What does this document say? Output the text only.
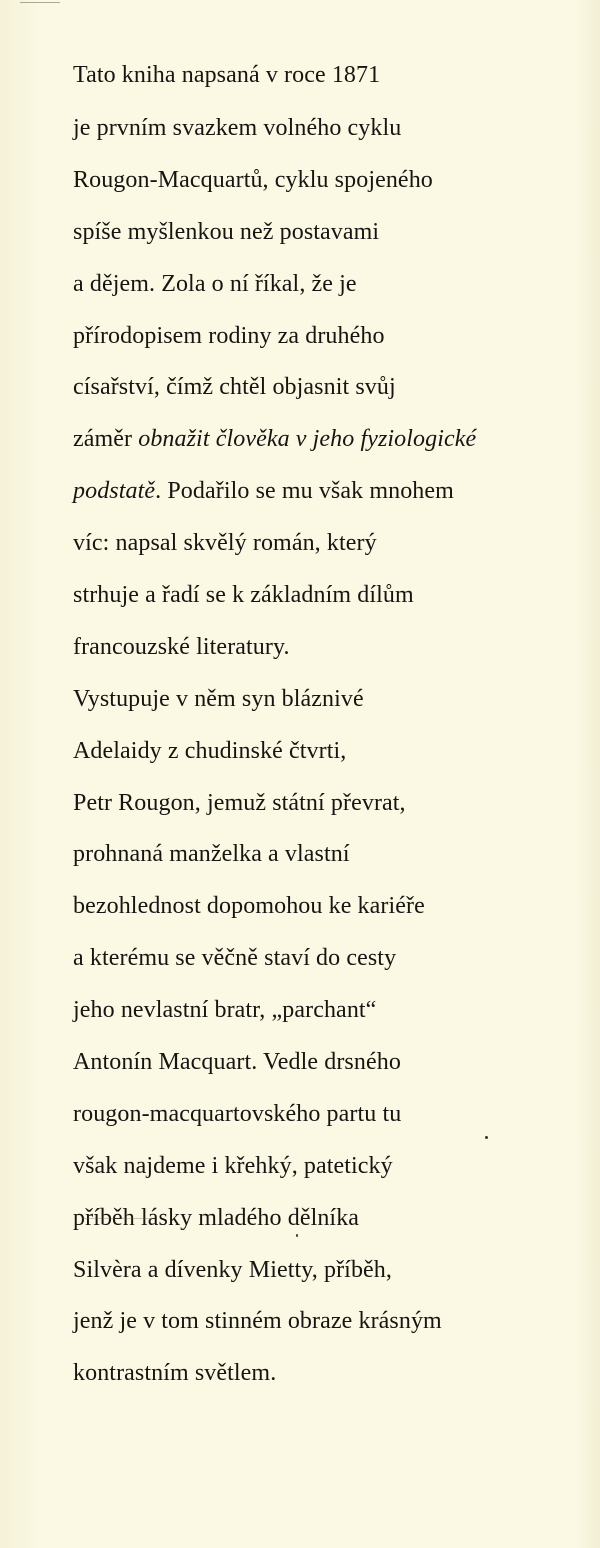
Tato kniha napsaná v roce 1871
je prvním svazkem volného cyklu
Rougon-Macquartů, cyklu spojeného
spíše myšlenkou než postavami
a dějem. Zola o ní říkal, že je
přírodopisem rodiny za druhého
císařství, čímž chtěl objasnit svůj
záměr obnažit člověka v jeho fyziologické
podstatě. Podařilo se mu však mnohem
víc: napsal skvělý román, který
strhuje a řadí se k základním dílům
francouzské literatury.
Vystupuje v něm syn bláznivé
Adelaidy z chudinské čtvrti,
Petr Rougon, jemuž státní převrat,
prohnaná manželka a vlastní
bezohlednost dopomohou ke kariéře
a kterému se věčně staví do cesty
jeho nevlastní bratr, „parchant“
Antonín Macquart. Vedle drsného
rougon-macquartovského partu tu
však najdeme i křehký, patetický
příběh lásky mladého dělníka
Silvèra a dívenky Mietty, příběh,
jenž je v tom stinném obraze krásným
kontrastním světlem.
